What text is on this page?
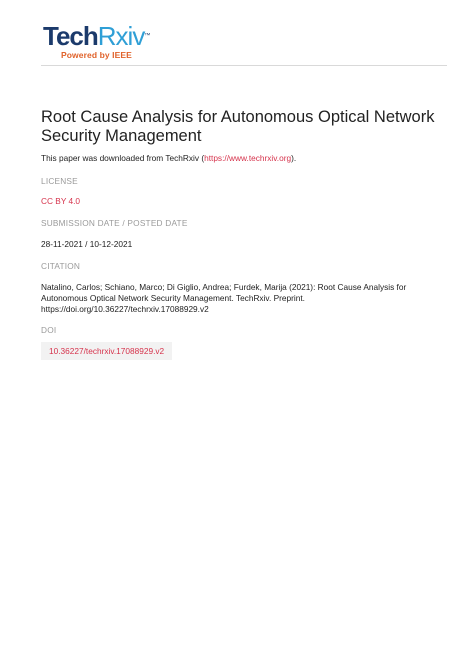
TechRxiv™
Powered by IEEE
Root Cause Analysis for Autonomous Optical Network Security Management
This paper was downloaded from TechRxiv (https://www.techrxiv.org).
LICENSE
CC BY 4.0
SUBMISSION DATE / POSTED DATE
28-11-2021 / 10-12-2021
CITATION
Natalino, Carlos; Schiano, Marco; Di Giglio, Andrea; Furdek, Marija (2021): Root Cause Analysis for
Autonomous Optical Network Security Management. TechRxiv. Preprint.
https://doi.org/10.36227/techrxiv.17088929.v2
DOI
10.36227/techrxiv.17088929.v2
